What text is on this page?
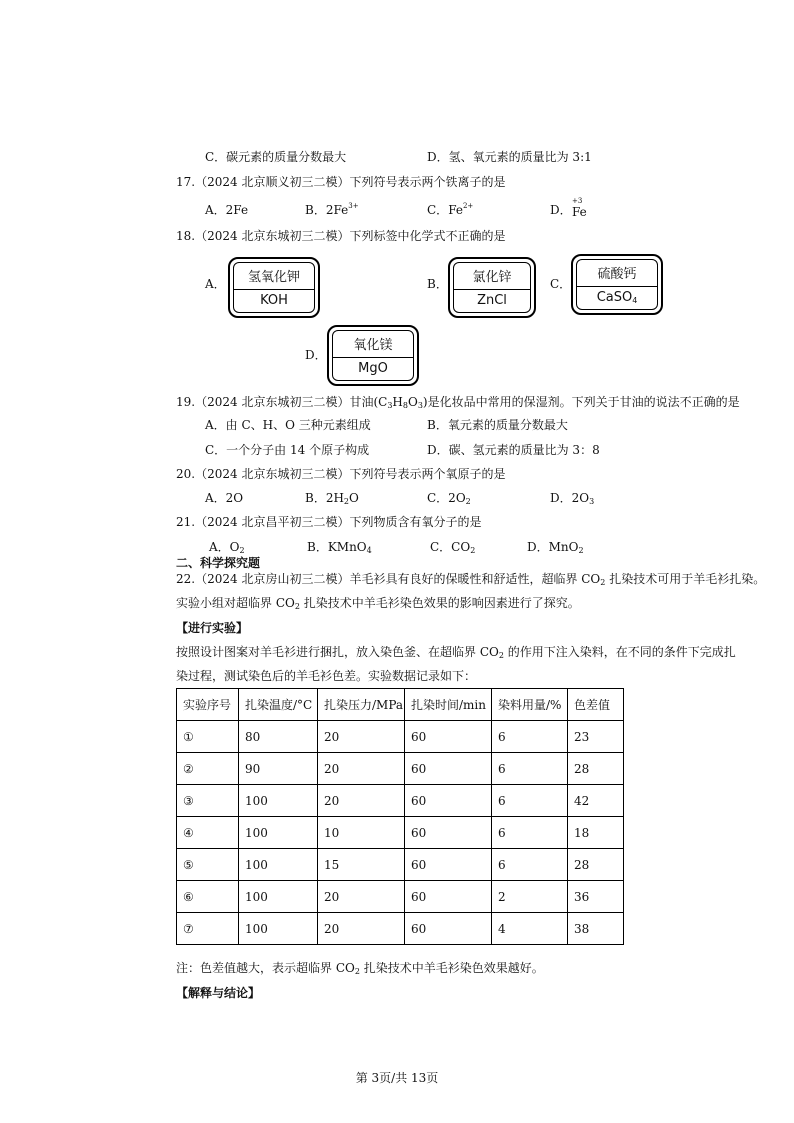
C．碳元素的质量分数最大	D．氢、氧元素的质量比为 3:1
17.（2024 北京顺义初三二模）下列符号表示两个铁离子的是
A．2Fe	B．$2Fe^{3+}$	C．$Fe^{2+}$	D．
+3
Fe
18.（2024 北京东城初三二模）下列标签中化学式不正确的是
A．	氢氧化钾
KOH
B．	氯化锌
ZnCl
C．
硫酸钙
CaSO$_4$
D．
氧化镁
MgO
19.（2024 北京东城初三二模）甘油$(C_3H_8O_3)$是化妆品中常用的保湿剂。下列关于甘油的说法不正确的是
A．由 C、H、O 三种元素组成	B．氧元素的质量分数最大
C．一个分子由 14 个原子构成	D．碳、氢元素的质量比为 3：8
20.（2024 北京东城初三二模）下列符号表示两个氧原子的是
A．2O	B．$2H_2O$	C．$2O_2$	D．$2O_3$
21.（2024 北京昌平初三二模）下列物质含有氧分子的是
A．$O_2$	B．KMnO$_4$	C．$CO_2$	D．MnO$_2$
二、科学探究题
22.（2024 北京房山初三二模）羊毛衫具有良好的保暖性和舒适性，超临界 $CO_2$ 扎染技术可用于羊毛衫扎染。
实验小组对超临界 $CO_2$ 扎染技术中羊毛衫染色效果的影响因素进行了探究。
【进行实验】
按照设计图案对羊毛衫进行捆扎，放入染色釜、在超临界 $CO_2$ 的作用下注入染料，在不同的条件下完成扎
染过程，测试染色后的羊毛衫色差。实验数据记录如下：
实验序号	扎染温度/°C	扎染压力/MPa	扎染时间/min	染料用量/%	色差值
①	80	20	60	6	23
②	90	20	60	6	28
③	100	20	60	6	42
④	100	10	60	6	18
⑤	100	15	60	6	28
⑥	100	20	60	2	36
⑦	100	20	60	4	38
注：色差值越大，表示超临界 $CO_2$ 扎染技术中羊毛衫染色效果越好。
【解释与结论】
第 3页/共 13页
